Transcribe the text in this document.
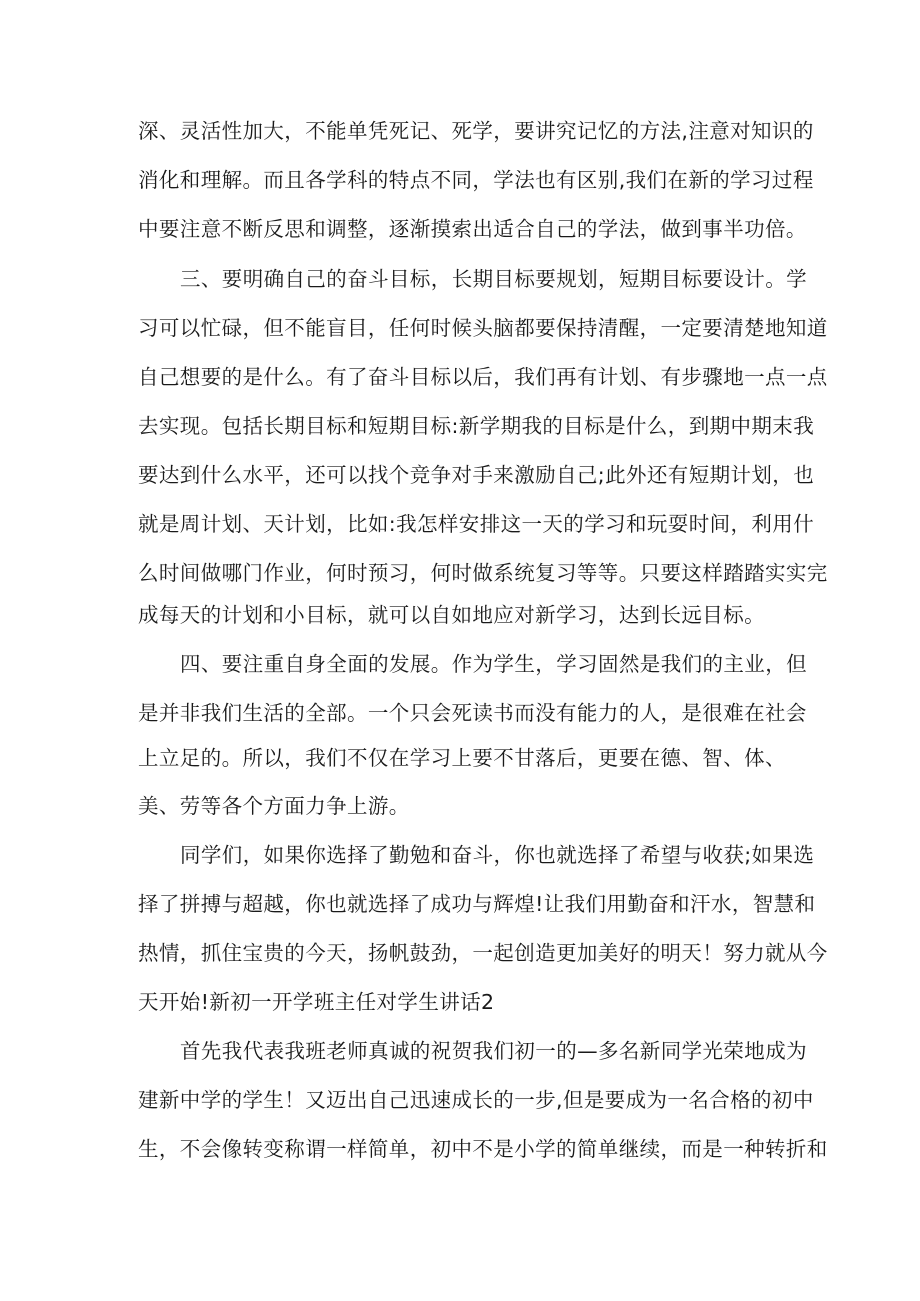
深、灵活性加大，不能单凭死记、死学，要讲究记忆的方法,注意对知识的
消化和理解。而且各学科的特点不同，学法也有区别,我们在新的学习过程
中要注意不断反思和调整，逐渐摸索出适合自己的学法，做到事半功倍。
三、要明确自己的奋斗目标，长期目标要规划，短期目标要设计。学
习可以忙碌，但不能盲目，任何时候头脑都要保持清醒，一定要清楚地知道
自己想要的是什么。有了奋斗目标以后，我们再有计划、有步骤地一点一点
去实现。包括长期目标和短期目标:新学期我的目标是什么，到期中期末我
要达到什么水平，还可以找个竞争对手来激励自己;此外还有短期计划，也
就是周计划、天计划，比如:我怎样安排这一天的学习和玩耍时间，利用什
么时间做哪门作业，何时预习，何时做系统复习等等。只要这样踏踏实实完
成每天的计划和小目标，就可以自如地应对新学习，达到长远目标。
四、要注重自身全面的发展。作为学生，学习固然是我们的主业，但
是并非我们生活的全部。一个只会死读书而没有能力的人，是很难在社会
上立足的。所以，我们不仅在学习上要不甘落后，更要在德、智、体、
美、劳等各个方面力争上游。
同学们，如果你选择了勤勉和奋斗，你也就选择了希望与收获;如果选
择了拼搏与超越，你也就选择了成功与辉煌!让我们用勤奋和汗水，智慧和
热情，抓住宝贵的今天，扬帆鼓劲，一起创造更加美好的明天！努力就从今
天开始!新初一开学班主任对学生讲话2
首先我代表我班老师真诚的祝贺我们初一的—多名新同学光荣地成为
建新中学的学生！又迈出自己迅速成长的一步,但是要成为一名合格的初中
生，不会像转变称谓一样简单，初中不是小学的简单继续，而是一种转折和
